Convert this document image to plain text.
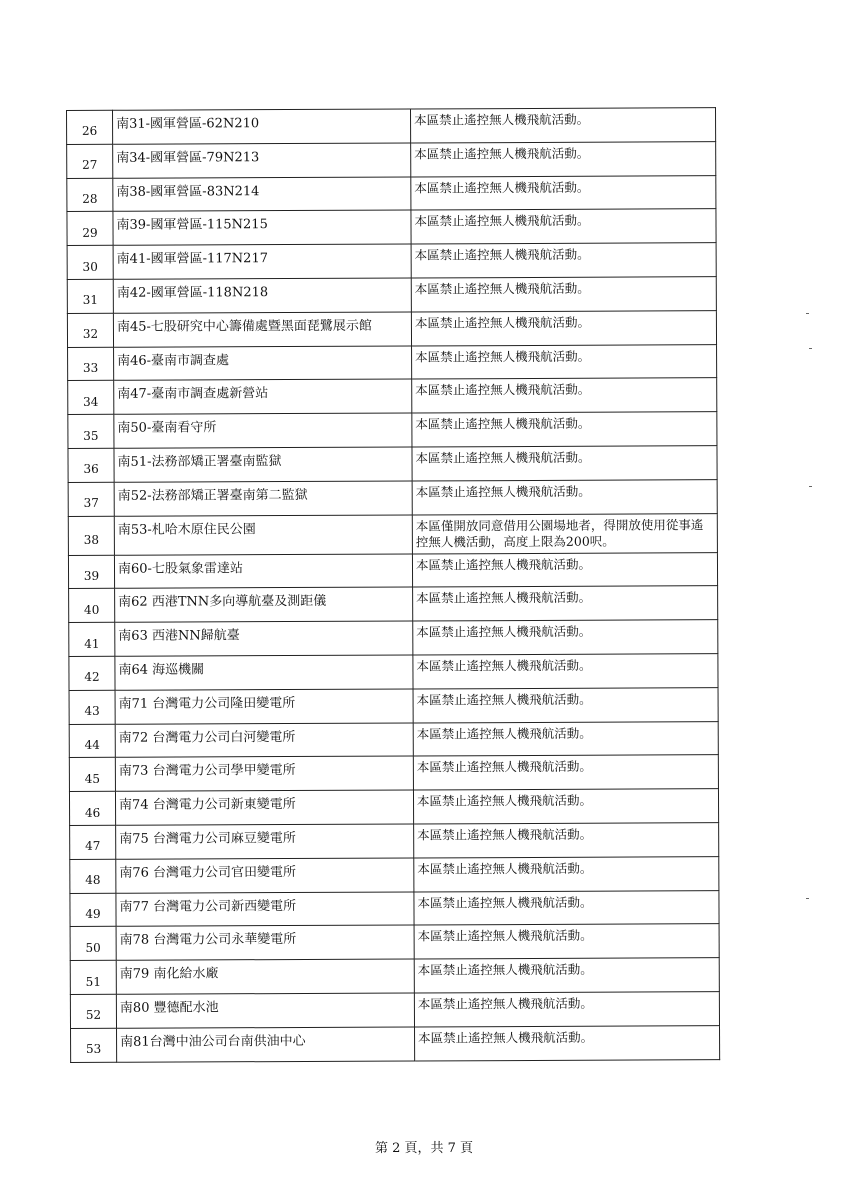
26	南31-國軍營區-62N210	本區禁止遙控無人機飛航活動。
27	南34-國軍營區-79N213	本區禁止遙控無人機飛航活動。
28	南38-國軍營區-83N214	本區禁止遙控無人機飛航活動。
29	南39-國軍營區-115N215	本區禁止遙控無人機飛航活動。
30	南41-國軍營區-117N217	本區禁止遙控無人機飛航活動。
31	南42-國軍營區-118N218	本區禁止遙控無人機飛航活動。
32	南45-七股研究中心籌備處暨黑面琵鷺展示館	本區禁止遙控無人機飛航活動。
33	南46-臺南市調查處	本區禁止遙控無人機飛航活動。
34	南47-臺南市調查處新營站	本區禁止遙控無人機飛航活動。
35	南50-臺南看守所	本區禁止遙控無人機飛航活動。
36	南51-法務部矯正署臺南監獄	本區禁止遙控無人機飛航活動。
37	南52-法務部矯正署臺南第二監獄	本區禁止遙控無人機飛航活動。
38	南53-札哈木原住民公園	本區僅開放同意借用公園場地者，得開放使用從事遙控無人機活動，高度上限為200呎。
39	南60-七股氣象雷達站	本區禁止遙控無人機飛航活動。
40	南62 西港TNN多向導航臺及測距儀	本區禁止遙控無人機飛航活動。
41	南63 西港NN歸航臺	本區禁止遙控無人機飛航活動。
42	南64 海巡機關	本區禁止遙控無人機飛航活動。
43	南71 台灣電力公司隆田變電所	本區禁止遙控無人機飛航活動。
44	南72 台灣電力公司白河變電所	本區禁止遙控無人機飛航活動。
45	南73 台灣電力公司學甲變電所	本區禁止遙控無人機飛航活動。
46	南74 台灣電力公司新東變電所	本區禁止遙控無人機飛航活動。
47	南75 台灣電力公司麻豆變電所	本區禁止遙控無人機飛航活動。
48	南76 台灣電力公司官田變電所	本區禁止遙控無人機飛航活動。
49	南77 台灣電力公司新西變電所	本區禁止遙控無人機飛航活動。
50	南78 台灣電力公司永華變電所	本區禁止遙控無人機飛航活動。
51	南79 南化給水廠	本區禁止遙控無人機飛航活動。
52	南80 豐德配水池	本區禁止遙控無人機飛航活動。
53	南81台灣中油公司台南供油中心	本區禁止遙控無人機飛航活動。
第 2 頁，共 7 頁
